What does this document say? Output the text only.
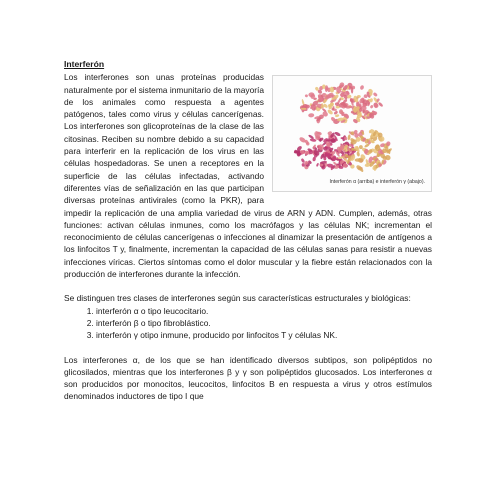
Interferón
Interferón α (arriba) e interferón γ (abajo).

Los interferones son unas proteínas producidas naturalmente por el sistema inmunitario de la mayoría de los animales como respuesta a agentes patógenos, tales como virus y células cancerígenas. Los interferones son glicoproteínas de la clase de las citosinas. Reciben su nombre debido a su capacidad para interferir en la replicación de los virus en las células hospedadoras. Se unen a receptores en la superficie de las células infectadas, activando diferentes vías de señalización en las que participan diversas proteínas antivirales (como la PKR), para impedir la replicación de una amplia variedad de virus de ARN y ADN. Cumplen, además, otras funciones: activan células inmunes, como los macrófagos y las células NK; incrementan el reconocimiento de células cancerígenas o infecciones al dinamizar la presentación de antígenos a los linfocitos T y, finalmente, incrementan la capacidad de las células sanas para resistir a nuevas infecciones víricas. Ciertos síntomas como el dolor muscular y la fiebre están relacionados con la producción de interferones durante la infección.

Se distinguen tres clases de interferones según sus características estructurales y biológicas:

1. interferón α o tipo leucocitario.
2. interferón β o tipo fibroblástico.
3. interferón γ otipo inmune, producido por linfocitos T y células NK.

Los interferones α, de los que se han identificado diversos subtipos, son polipéptidos no glicosilados, mientras que los interferones β y γ son polipéptidos glucosados. Los interferones α son producidos por monocitos, leucocitos, linfocitos B en respuesta a virus y otros estímulos denominados inductores de tipo I que
